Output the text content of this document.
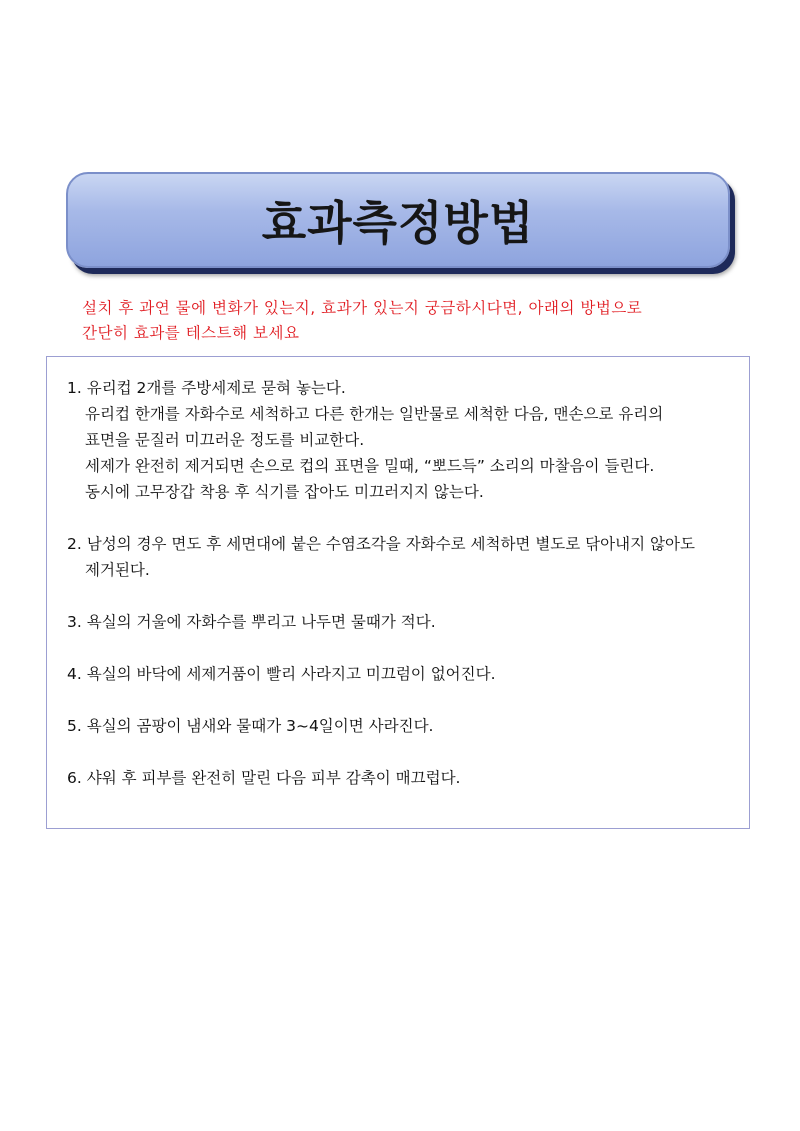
효과측정방법
설치 후 과연 물에 변화가 있는지, 효과가 있는지 궁금하시다면, 아래의 방법으로
간단히 효과를 테스트해 보세요
1. 유리컵 2개를 주방세제로 묻혀 놓는다.
유리컵 한개를 자화수로 세척하고 다른 한개는 일반물로 세척한 다음, 맨손으로 유리의
표면을 문질러 미끄러운 정도를 비교한다.
세제가 완전히 제거되면 손으로 컵의 표면을 밀때, “뽀드득” 소리의 마찰음이 들린다.
동시에 고무장갑 착용 후 식기를 잡아도 미끄러지지 않는다.
2. 남성의 경우 면도 후 세면대에 붙은 수염조각을 자화수로 세척하면 별도로 닦아내지 않아도
제거된다.
3. 욕실의 거울에 자화수를 뿌리고 나두면 물때가 적다.
4. 욕실의 바닥에 세제거품이 빨리 사라지고 미끄럼이 없어진다.
5. 욕실의 곰팡이 냄새와 물때가 3~4일이면 사라진다.
6. 샤워 후 피부를 완전히 말린 다음 피부 감촉이 매끄럽다.
